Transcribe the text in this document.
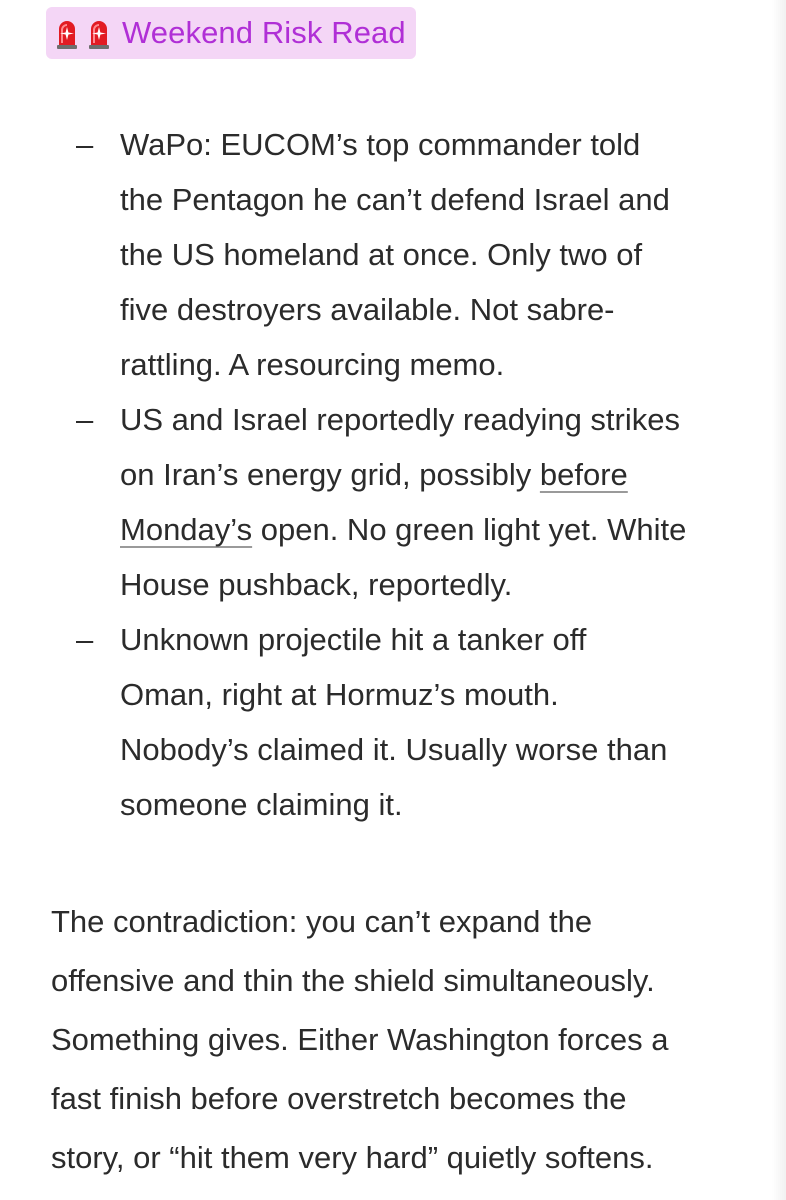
Weekend Risk Read
– WaPo: EUCOM’s top commander told
the Pentagon he can’t defend Israel and
the US homeland at once. Only two of
five destroyers available. Not sabre-
rattling. A resourcing memo.
– US and Israel reportedly readying strikes
on Iran’s energy grid, possibly before
Monday’s open. No green light yet. White
House pushback, reportedly.
– Unknown projectile hit a tanker off
Oman, right at Hormuz’s mouth.
Nobody’s claimed it. Usually worse than
someone claiming it.

The contradiction: you can’t expand the
offensive and thin the shield simultaneously.
Something gives. Either Washington forces a
fast finish before overstretch becomes the
story, or “hit them very hard” quietly softens.
